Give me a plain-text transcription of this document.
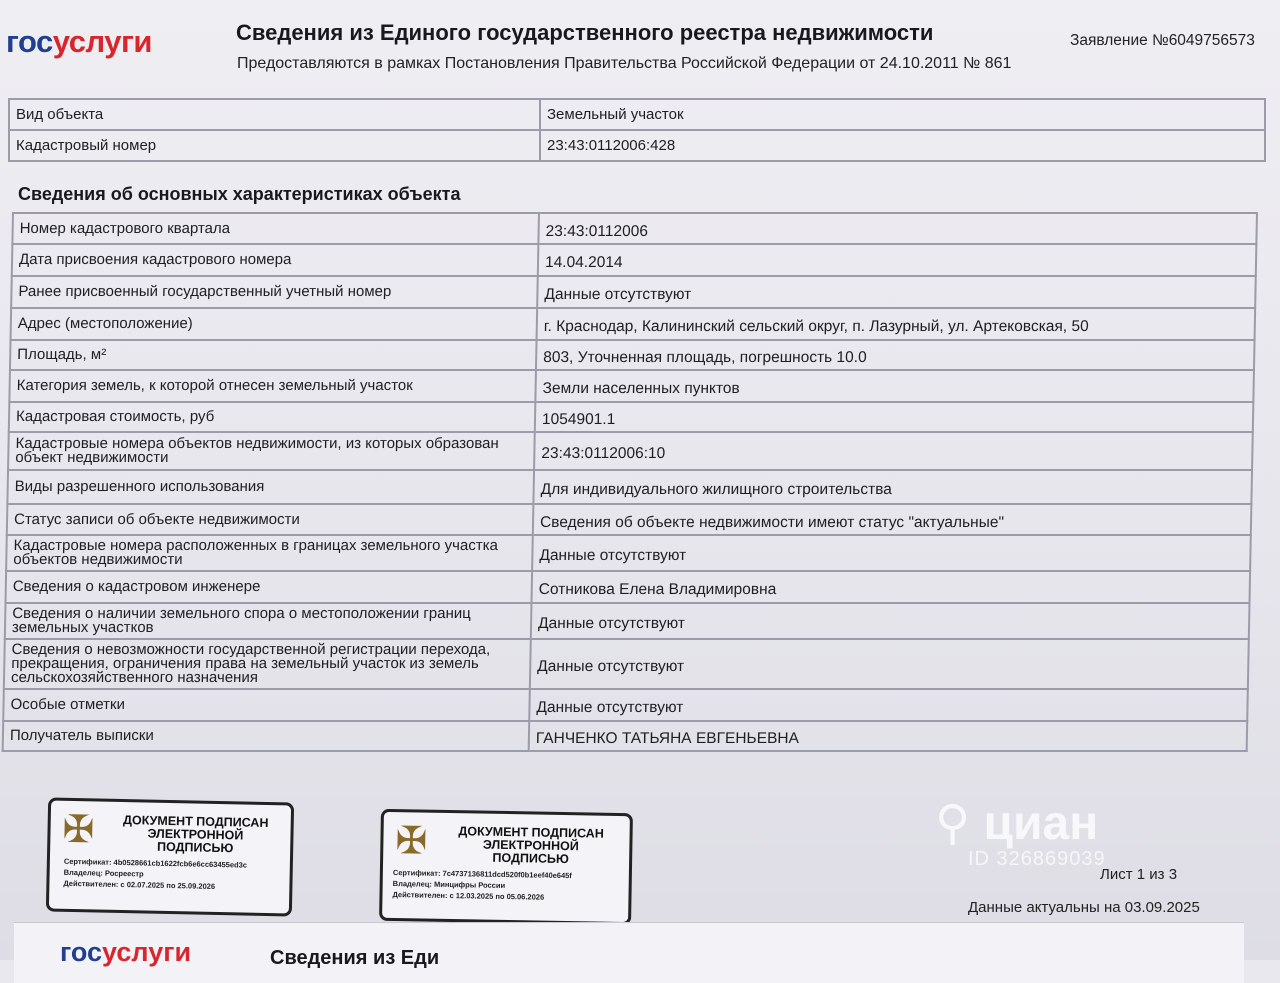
госуслуги	Сведения из Единого государственного реестра недвижимости
Предоставляются в рамках Постановления Правительства Российской Федерации от 24.10.2011 № 861
Заявление №6049756573
Вид объекта	Земельный участок
Кадастровый номер	23:43:0112006:428
Сведения об основных характеристиках объекта
Номер кадастрового квартала	23:43:0112006
Дата присвоения кадастрового номера	14.04.2014
Ранее присвоенный государственный учетный номер	Данные отсутствуют
Адрес (местоположение)	г. Краснодар, Калининский сельский округ, п. Лазурный, ул. Артековская, 50
Площадь, м²	803, Уточненная площадь, погрешность 10.0
Категория земель, к которой отнесен земельный участок	Земли населенных пунктов
Кадастровая стоимость, руб	1054901.1
Кадастровые номера объектов недвижимости, из которых образован объект недвижимости	23:43:0112006:10
Виды разрешенного использования	Для индивидуального жилищного строительства
Статус записи об объекте недвижимости	Сведения об объекте недвижимости имеют статус "актуальные"
Кадастровые номера расположенных в границах земельного участка объектов недвижимости	Данные отсутствуют
Сведения о кадастровом инженере	Сотникова Елена Владимировна
Сведения о наличии земельного спора о местоположении границ земельных участков	Данные отсутствуют
Сведения о невозможности государственной регистрации перехода, прекращения, ограничения права на земельный участок из земель сельскохозяйственного назначения	Данные отсутствуют
Особые отметки	Данные отсутствуют
Получатель выписки	ГАНЧЕНКО ТАТЬЯНА ЕВГЕНЬЕВНА
✠ ДОКУМЕНТ ПОДПИСАН ЭЛЕКТРОННОЙ ПОДПИСЬЮ
Сертификат: 4b0528661cb1622fcb6e6cc63455ed3c
Владелец: Росреестр
Действителен: с 02.07.2025 по 25.09.2026
✠	ДОКУМЕНТ ПОДПИСАН ЭЛЕКТРОННОЙ ПОДПИСЬЮ
Сертификат: 7c4737136811dcd520f0b1eef40e645f
Владелец: Минцифры России
Действителен: с 12.03.2025 по 05.06.2026
⚲ циан
ID 326869039
Лист 1 из 3
Данные актуальны на 03.09.2025
госуслуги	Сведения из Еди
